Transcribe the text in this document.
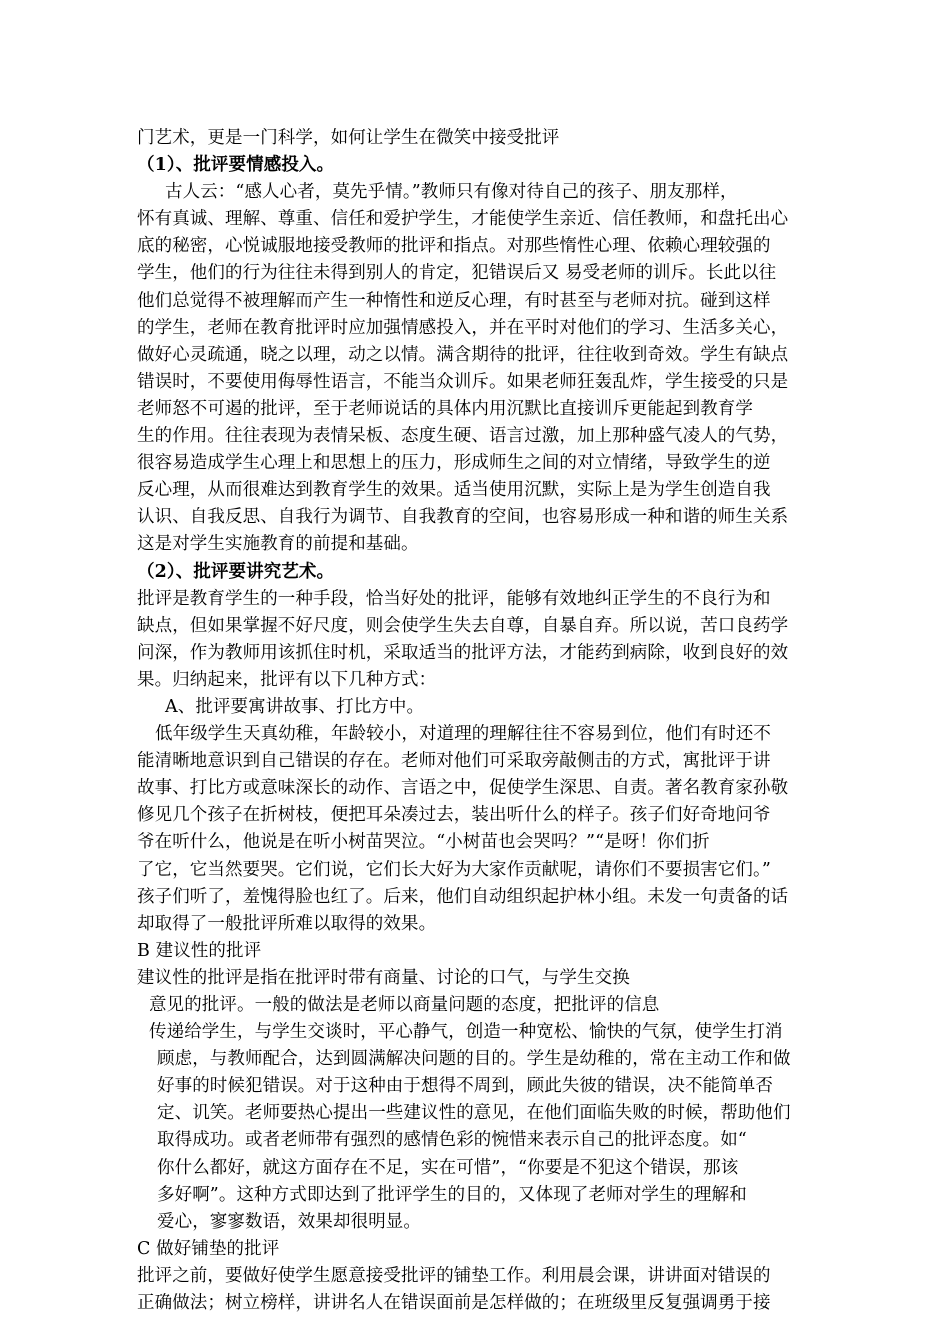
门艺术，更是一门科学，如何让学生在微笑中接受批评
（1）、批评要情感投入。
古人云：“感人心者，莫先乎情。”教师只有像对待自己的孩子、朋友那样，
怀有真诚、理解、尊重、信任和爱护学生，才能使学生亲近、信任教师，和盘托出心
底的秘密，心悦诚服地接受教师的批评和指点。对那些惰性心理、依赖心理较强的
学生，他们的行为往往未得到别人的肯定，犯错误后又 易受老师的训斥。长此以往
他们总觉得不被理解而产生一种惰性和逆反心理，有时甚至与老师对抗。碰到这样
的学生，老师在教育批评时应加强情感投入，并在平时对他们的学习、生活多关心，
做好心灵疏通，晓之以理，动之以情。满含期待的批评，往往收到奇效。学生有缺点
错误时，不要使用侮辱性语言，不能当众训斥。如果老师狂轰乱炸，学生接受的只是
老师怒不可遏的批评，至于老师说话的具体内用沉默比直接训斥更能起到教育学
生的作用。往往表现为表情呆板、态度生硬、语言过激，加上那种盛气凌人的气势，
很容易造成学生心理上和思想上的压力，形成师生之间的对立情绪，导致学生的逆
反心理，从而很难达到教育学生的效果。适当使用沉默，实际上是为学生创造自我
认识、自我反思、自我行为调节、自我教育的空间，也容易形成一种和谐的师生关系
这是对学生实施教育的前提和基础。
（2）、批评要讲究艺术。
批评是教育学生的一种手段，恰当好处的批评，能够有效地纠正学生的不良行为和
缺点，但如果掌握不好尺度，则会使学生失去自尊，自暴自弃。所以说，苦口良药学
问深，作为教师用该抓住时机，采取适当的批评方法，才能药到病除，收到良好的效
果。归纳起来，批评有以下几种方式：
A、批评要寓讲故事、打比方中。
低年级学生天真幼稚，年龄较小，对道理的理解往往不容易到位，他们有时还不
能清晰地意识到自己错误的存在。老师对他们可采取旁敲侧击的方式，寓批评于讲
故事、打比方或意味深长的动作、言语之中，促使学生深思、自责。著名教育家孙敬
修见几个孩子在折树枝，便把耳朵凑过去，装出听什么的样子。孩子们好奇地问爷
爷在听什么，他说是在听小树苗哭泣。“小树苗也会哭吗？”“是呀！你们折
了它，它当然要哭。它们说，它们长大好为大家作贡献呢，请你们不要损害它们。”
孩子们听了，羞愧得脸也红了。后来，他们自动组织起护林小组。未发一句责备的话
却取得了一般批评所难以取得的效果。
B 建议性的批评
建议性的批评是指在批评时带有商量、讨论的口气，与学生交换
意见的批评。一般的做法是老师以商量问题的态度，把批评的信息
传递给学生，与学生交谈时，平心静气，创造一种宽松、愉快的气氛，使学生打消
顾虑，与教师配合，达到圆满解决问题的目的。学生是幼稚的，常在主动工作和做
好事的时候犯错误。对于这种由于想得不周到，顾此失彼的错误，决不能简单否
定、讥笑。老师要热心提出一些建议性的意见，在他们面临失败的时候，帮助他们
取得成功。或者老师带有强烈的感情色彩的惋惜来表示自己的批评态度。如“
你什么都好，就这方面存在不足，实在可惜”，“你要是不犯这个错误，那该
多好啊”。这种方式即达到了批评学生的目的，又体现了老师对学生的理解和
爱心，寥寥数语，效果却很明显。
C 做好铺垫的批评
批评之前，要做好使学生愿意接受批评的铺垫工作。利用晨会课，讲讲面对错误的
正确做法；树立榜样，讲讲名人在错误面前是怎样做的；在班级里反复强调勇于接
